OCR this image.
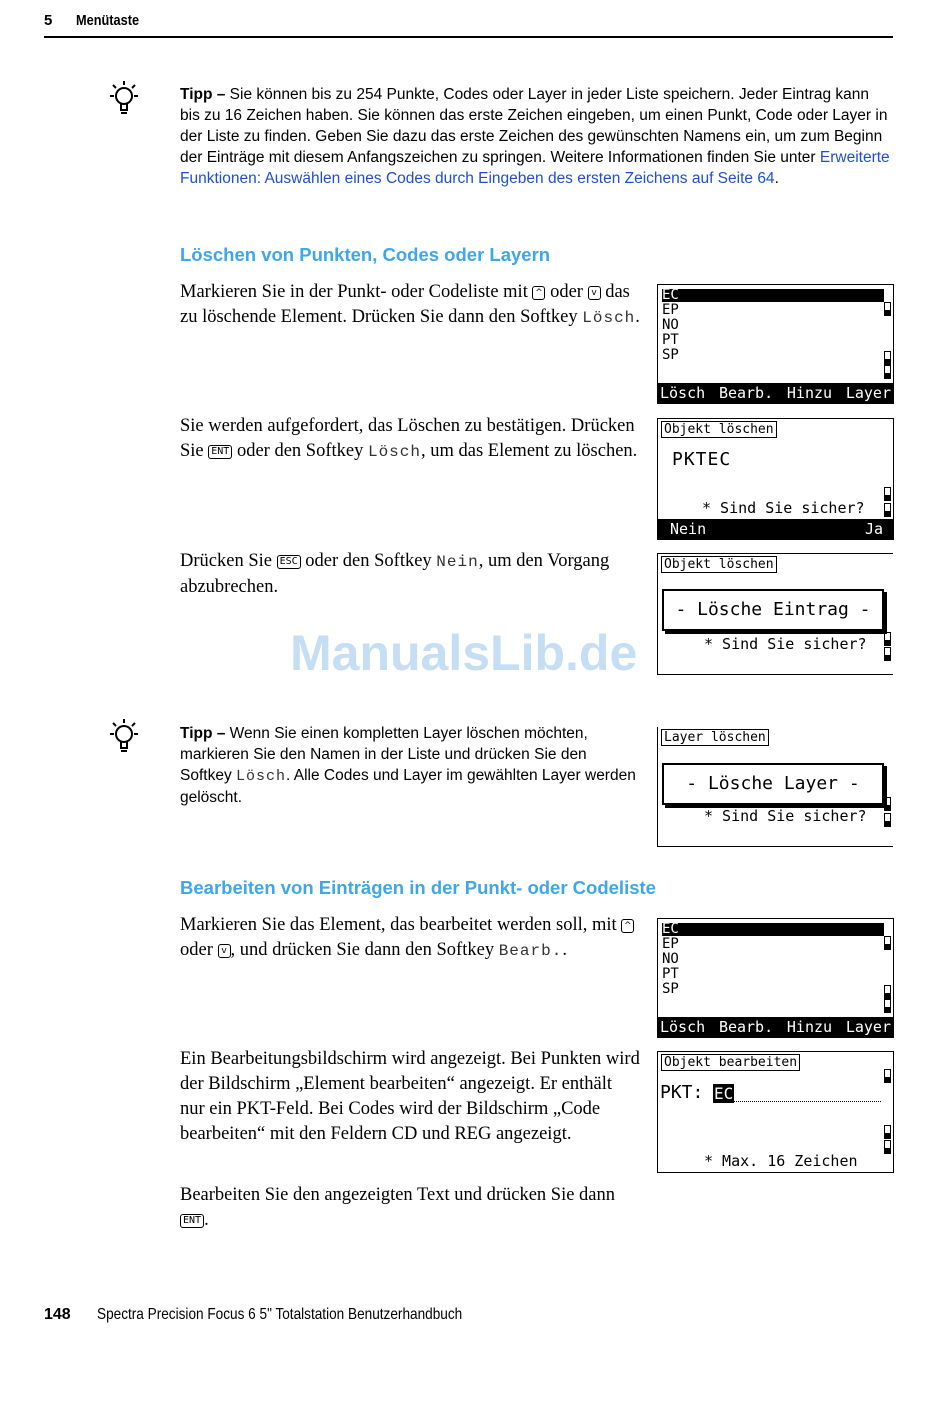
5 Menütaste
Tipp – Sie können bis zu 254 Punkte, Codes oder Layer in jeder Liste speichern. Jeder Eintrag kann bis zu 16 Zeichen haben. Sie können das erste Zeichen eingeben, um einen Punkt, Code oder Layer in der Liste zu finden. Geben Sie dazu das erste Zeichen des gewünschten Namens ein, um zum Beginn der Einträge mit diesem Anfangszeichen zu springen. Weitere Informationen finden Sie unter Erweiterte Funktionen: Auswählen eines Codes durch Eingeben des ersten Zeichens auf Seite 64.
Löschen von Punkten, Codes oder Layern
Markieren Sie in der Punkt- oder Codeliste mit ^ oder v das zu löschende Element. Drücken Sie dann den Softkey Lösch.
EC
EP
NO
PT
SP
Lösch Bearb. Hinzu Layer
Sie werden aufgefordert, das Löschen zu bestätigen. Drücken Sie ENT oder den Softkey Lösch, um das Element zu löschen.
Objekt löschen
PKTEC
* Sind Sie sicher?
Nein	Ja
Drücken Sie ESC oder den Softkey Nein, um den Vorgang abzubrechen.
Objekt löschen
- Lösche Eintrag -
* Sind Sie sicher?
ManualsLib.de
Tipp – Wenn Sie einen kompletten Layer löschen möchten, markieren Sie den Namen in der Liste und drücken Sie den Softkey Lösch. Alle Codes und Layer im gewählten Layer werden gelöscht.
Layer löschen
- Lösche Layer -
* Sind Sie sicher?
Bearbeiten von Einträgen in der Punkt- oder Codeliste
Markieren Sie das Element, das bearbeitet werden soll, mit ^ oder v , und drücken Sie dann den Softkey Bearb..
EC
EP
NO
PT
SP
Lösch Bearb. Hinzu Layer
Ein Bearbeitungsbildschirm wird angezeigt. Bei Punkten wird der Bildschirm „Element bearbeiten“ angezeigt. Er enthält nur ein PKT-Feld. Bei Codes wird der Bildschirm „Code bearbeiten“ mit den Feldern CD und REG angezeigt.
Objekt bearbeiten
PKT: EC
* Max. 16 Zeichen
Bearbeiten Sie den angezeigten Text und drücken Sie dann ENT .
148 Spectra Precision Focus 6 5" Totalstation Benutzerhandbuch
